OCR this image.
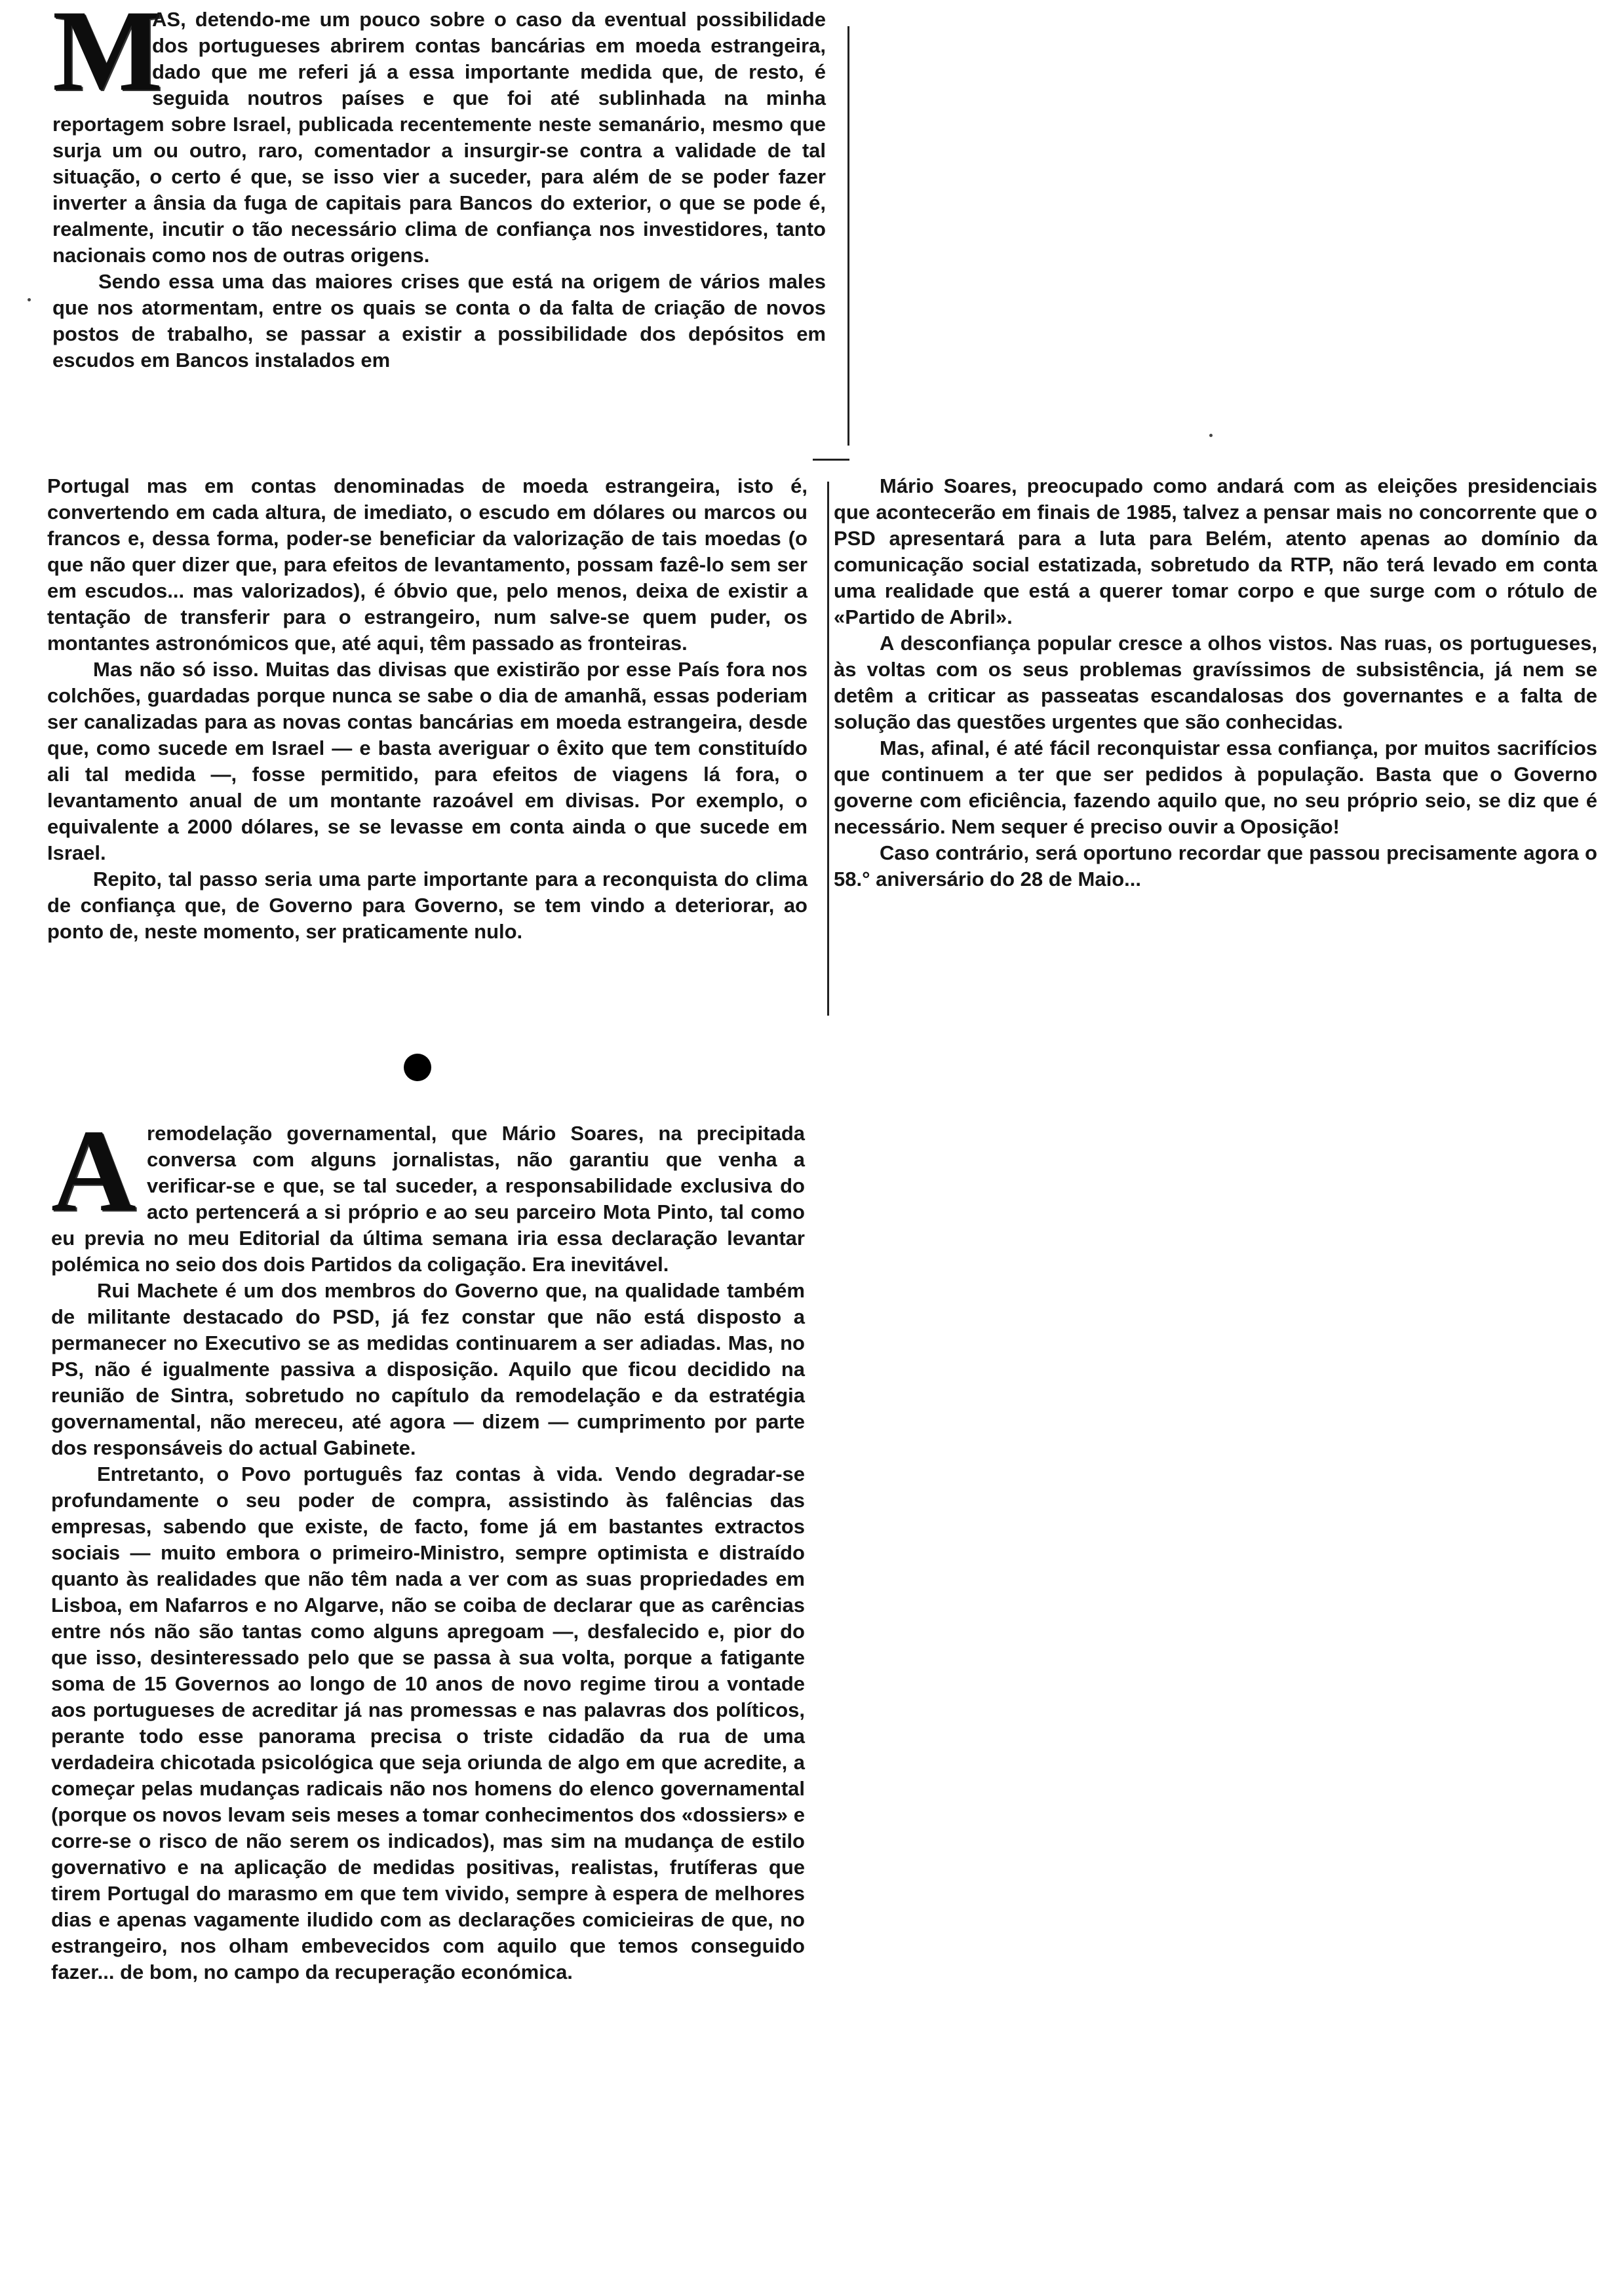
M

AS, detendo-me um pouco sobre o caso da eventual possibilidade dos portugueses abrirem contas bancárias em moeda estrangeira, dado que me referi já a essa importante medida que, de resto, é seguida noutros países e que foi até sublinhada na minha reportagem sobre Israel, publicada recentemente neste semanário, mesmo que surja um ou outro, raro, comentador a insurgir-se contra a validade de tal situação, o certo é que, se isso vier a suceder, para além de se poder fazer inverter a ânsia da fuga de capitais para Bancos do exterior, o que se pode é, realmente, incutir o tão necessário clima de confiança nos investidores, tanto nacionais como nos de outras origens.

Sendo essa uma das maiores crises que está na origem de vários males que nos atormentam, entre os quais se conta o da falta de criação de novos postos de trabalho, se passar a existir a possibilidade dos depósitos em escudos em Bancos instalados em

Portugal mas em contas denominadas de moeda estrangeira, isto é, convertendo em cada altura, de imediato, o escudo em dólares ou marcos ou francos e, dessa forma, poder-se beneficiar da valorização de tais moedas (o que não quer dizer que, para efeitos de levantamento, possam fazê-lo sem ser em escudos... mas valorizados), é óbvio que, pelo menos, deixa de existir a tentação de transferir para o estrangeiro, num salve-se quem puder, os montantes astronómicos que, até aqui, têm passado as fronteiras.

Mas não só isso. Muitas das divisas que existirão por esse País fora nos colchões, guardadas porque nunca se sabe o dia de amanhã, essas poderiam ser canalizadas para as novas contas bancárias em moeda estrangeira, desde que, como sucede em Israel — e basta averiguar o êxito que tem constituído ali tal medida —, fosse permitido, para efeitos de viagens lá fora, o levantamento anual de um montante razoável em divisas. Por exemplo, o equivalente a 2000 dólares, se se levasse em conta ainda o que sucede em Israel.

Repito, tal passo seria uma parte importante para a reconquista do clima de confiança que, de Governo para Governo, se tem vindo a deteriorar, ao ponto de, neste momento, ser praticamente nulo.

Mário Soares, preocupado como andará com as eleições presidenciais que acontecerão em finais de 1985, talvez a pensar mais no concorrente que o PSD apresentará para a luta para Belém, atento apenas ao domínio da comunicação social estatizada, sobretudo da RTP, não terá levado em conta uma realidade que está a querer tomar corpo e que surge com o rótulo de «Partido de Abril».

A desconfiança popular cresce a olhos vistos. Nas ruas, os portugueses, às voltas com os seus problemas gravíssimos de subsistência, já nem se detêm a criticar as passeatas escandalosas dos governantes e a falta de solução das questões urgentes que são conhecidas.

Mas, afinal, é até fácil reconquistar essa confiança, por muitos sacrifícios que continuem a ter que ser pedidos à população. Basta que o Governo governe com eficiência, fazendo aquilo que, no seu próprio seio, se diz que é necessário. Nem sequer é preciso ouvir a Oposição!

Caso contrário, será oportuno recordar que passou precisamente agora o 58.° aniversário do 28 de Maio...

A remodelação governamental, que Mário Soares, na precipitada conversa com alguns jornalistas, não garantiu que venha a verificar-se e que, se tal suceder, a responsabilidade exclusiva do acto pertencerá a si próprio e ao seu parceiro Mota Pinto, tal como eu previa no meu Editorial da última semana iria essa declaração levantar polémica no seio dos dois Partidos da coligação. Era inevitável.

Rui Machete é um dos membros do Governo que, na qualidade também de militante destacado do PSD, já fez constar que não está disposto a permanecer no Executivo se as medidas continuarem a ser adiadas. Mas, no PS, não é igualmente passiva a disposição. Aquilo que ficou decidido na reunião de Sintra, sobretudo no capítulo da remodelação e da estratégia governamental, não mereceu, até agora — dizem — cumprimento por parte dos responsáveis do actual Gabinete.

Entretanto, o Povo português faz contas à vida. Vendo degradar-se profundamente o seu poder de compra, assistindo às falências das empresas, sabendo que existe, de facto, fome já em bastantes extractos sociais — muito embora o primeiro-Ministro, sempre optimista e distraído quanto às realidades que não têm nada a ver com as suas propriedades em Lisboa, em Nafarros e no Algarve, não se coiba de declarar que as carências entre nós não são tantas como alguns apregoam —, desfalecido e, pior do que isso, desinteressado pelo que se passa à sua volta, porque a fatigante soma de 15 Governos ao longo de 10 anos de novo regime tirou a vontade aos portugueses de acreditar já nas promessas e nas palavras dos políticos, perante todo esse panorama precisa o triste cidadão da rua de uma verdadeira chicotada psicológica que seja oriunda de algo em que acredite, a começar pelas mudanças radicais não nos homens do elenco governamental (porque os novos levam seis meses a tomar conhecimentos dos «dossiers» e corre-se o risco de não serem os indicados), mas sim na mudança de estilo governativo e na aplicação de medidas positivas, realistas, frutíferas que tirem Portugal do marasmo em que tem vivido, sempre à espera de melhores dias e apenas vagamente iludido com as declarações comicieiras de que, no estrangeiro, nos olham embevecidos com aquilo que temos conseguido fazer... de bom, no campo da recuperação económica.
